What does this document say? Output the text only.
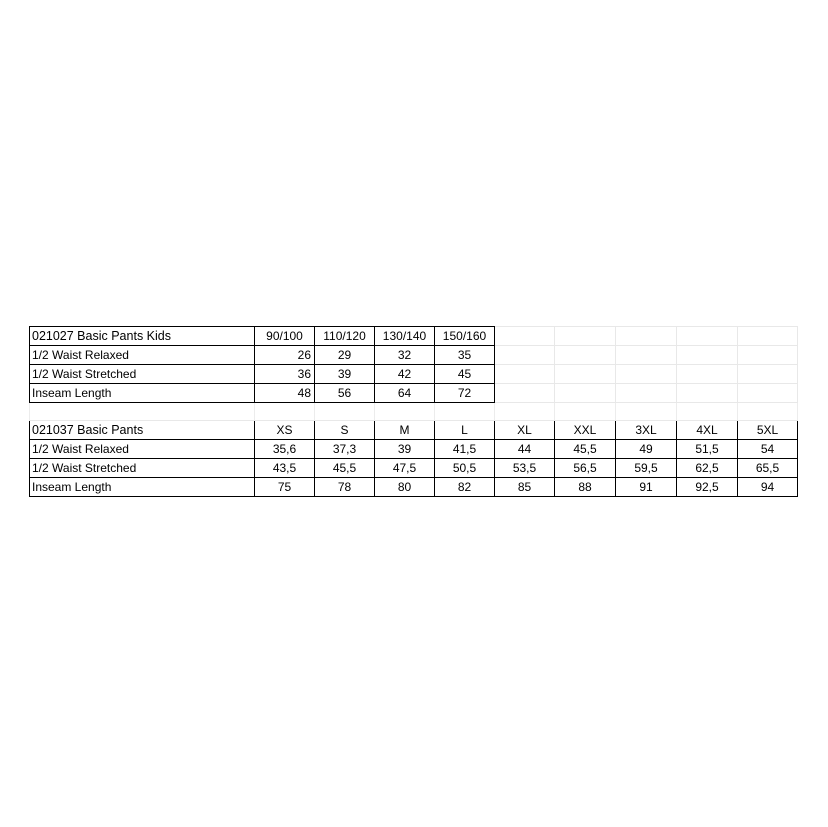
021027 Basic Pants Kids	90/100	110/120	130/140	150/160					
1/2 Waist Relaxed	26	29	32	35					
1/2 Waist Stretched	36	39	42	45					
Inseam Length	48	56	64	72					

021037 Basic Pants	XS	S	M	L	XL	XXL	3XL	4XL	5XL
1/2 Waist Relaxed	35,6	37,3	39	41,5	44	45,5	49	51,5	54
1/2 Waist Stretched	43,5	45,5	47,5	50,5	53,5	56,5	59,5	62,5	65,5
Inseam Length	75	78	80	82	85	88	91	92,5	94
